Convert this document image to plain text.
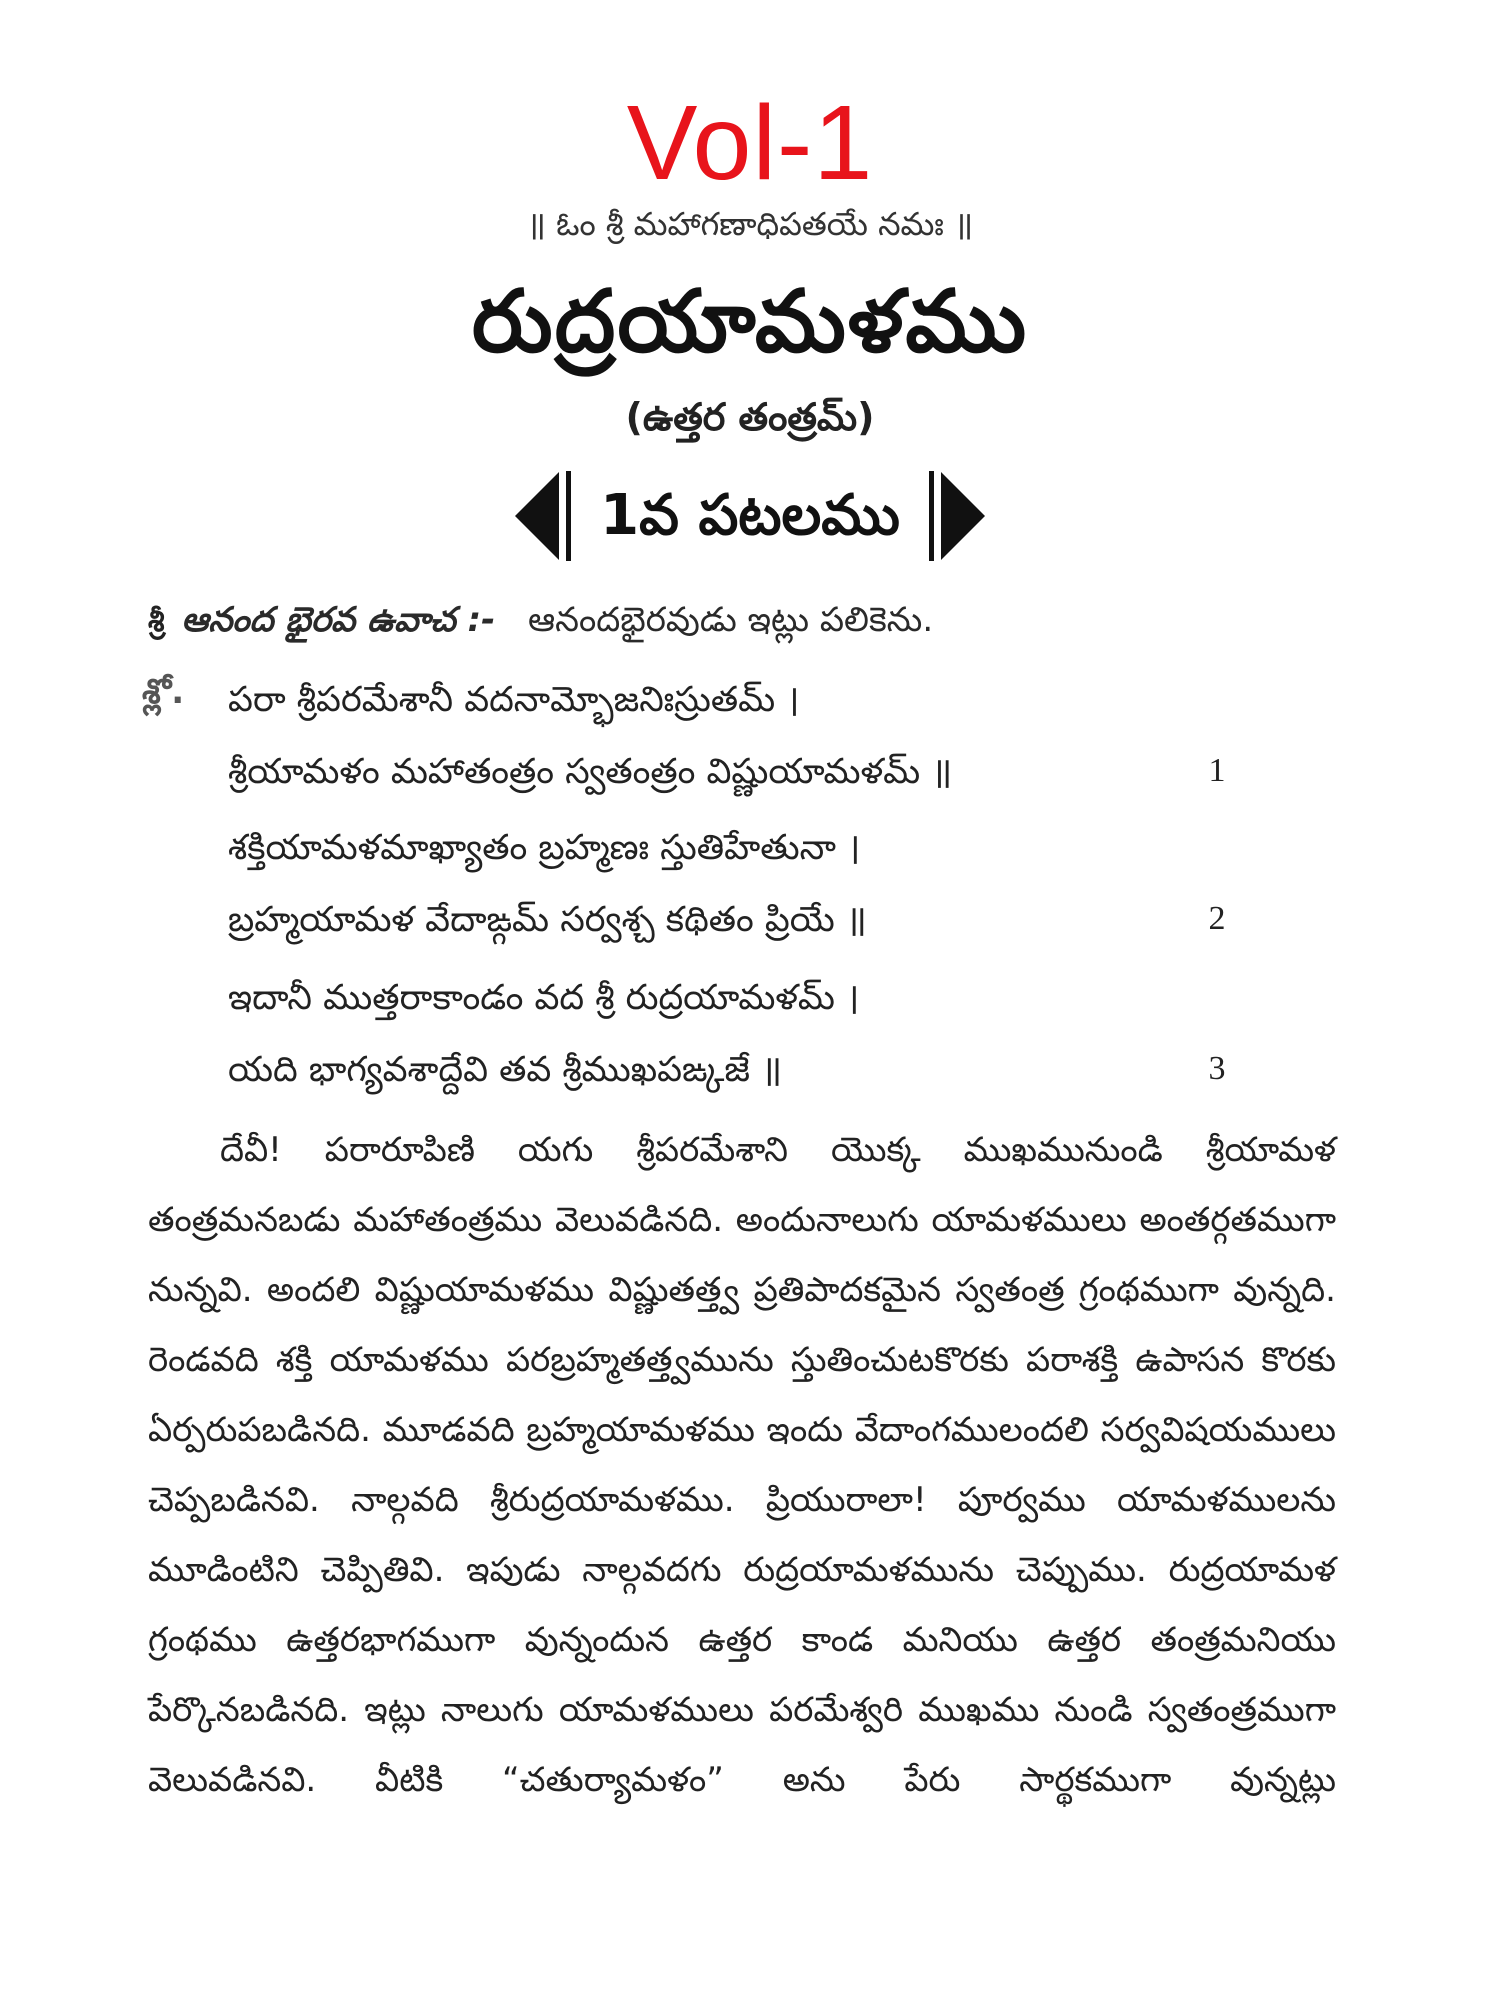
Vol-1
॥ ఓం శ్రీ మహాగణాధిపతయే నమః ॥
రుద్రయామళము
(ఉత్తర తంత్రమ్)
1వ పటలము
శ్రీ ఆనంద భైరవ ఉవాచ :- ఆనందభైరవుడు ఇట్లు పలికెను.
శ్లో. పరా శ్రీపరమేశానీ వదనామ్భోజనిఃస్రుతమ్ ।
శ్రీయామళం మహాతంత్రం స్వతంత్రం విష్ణుయామళమ్ ॥	1
శక్తియామళమాఖ్యాతం బ్రహ్మణః స్తుతిహేతునా ।
బ్రహ్మయామళ వేదాఙ్గమ్ సర్వశ్చ కథితం ప్రియే ॥	2
ఇదానీ ముత్తరాకాండం వద శ్రీ రుద్రయామళమ్ ।
యది భాగ్యవశాద్దేవి తవ శ్రీముఖపఙ్కజే ॥	3

దేవీ! పరారూపిణి యగు శ్రీపరమేశాని యొక్క ముఖమునుండి శ్రీయామళ తంత్రమనబడు మహాతంత్రము వెలువడినది. అందునాలుగు యామళములు అంతర్గతముగా నున్నవి. అందలి విష్ణుయామళము విష్ణుతత్త్వ ప్రతిపాదకమైన స్వతంత్ర గ్రంథముగా వున్నది. రెండవది శక్తి యామళము పరబ్రహ్మతత్త్వమును స్తుతించుటకొరకు పరాశక్తి ఉపాసన కొరకు ఏర్పరుపబడినది. మూడవది బ్రహ్మయామళము ఇందు వేదాంగములందలి సర్వవిషయములు చెప్పబడినవి. నాల్గవది శ్రీరుద్రయామళము. ప్రియురాలా! పూర్వము యామళములను మూడింటిని చెప్పితివి. ఇపుడు నాల్గవదగు రుద్రయామళమును చెప్పుము. రుద్రయామళ గ్రంథము ఉత్తరభాగముగా వున్నందున ఉత్తర కాండ మనియు ఉత్తర తంత్రమనియు పేర్కొనబడినది. ఇట్లు నాలుగు యామళములు పరమేశ్వరి ముఖము నుండి స్వతంత్రముగా వెలువడినవి. వీటికి “చతుర్యామళం” అను పేరు సార్థకముగా వున్నట్లు
